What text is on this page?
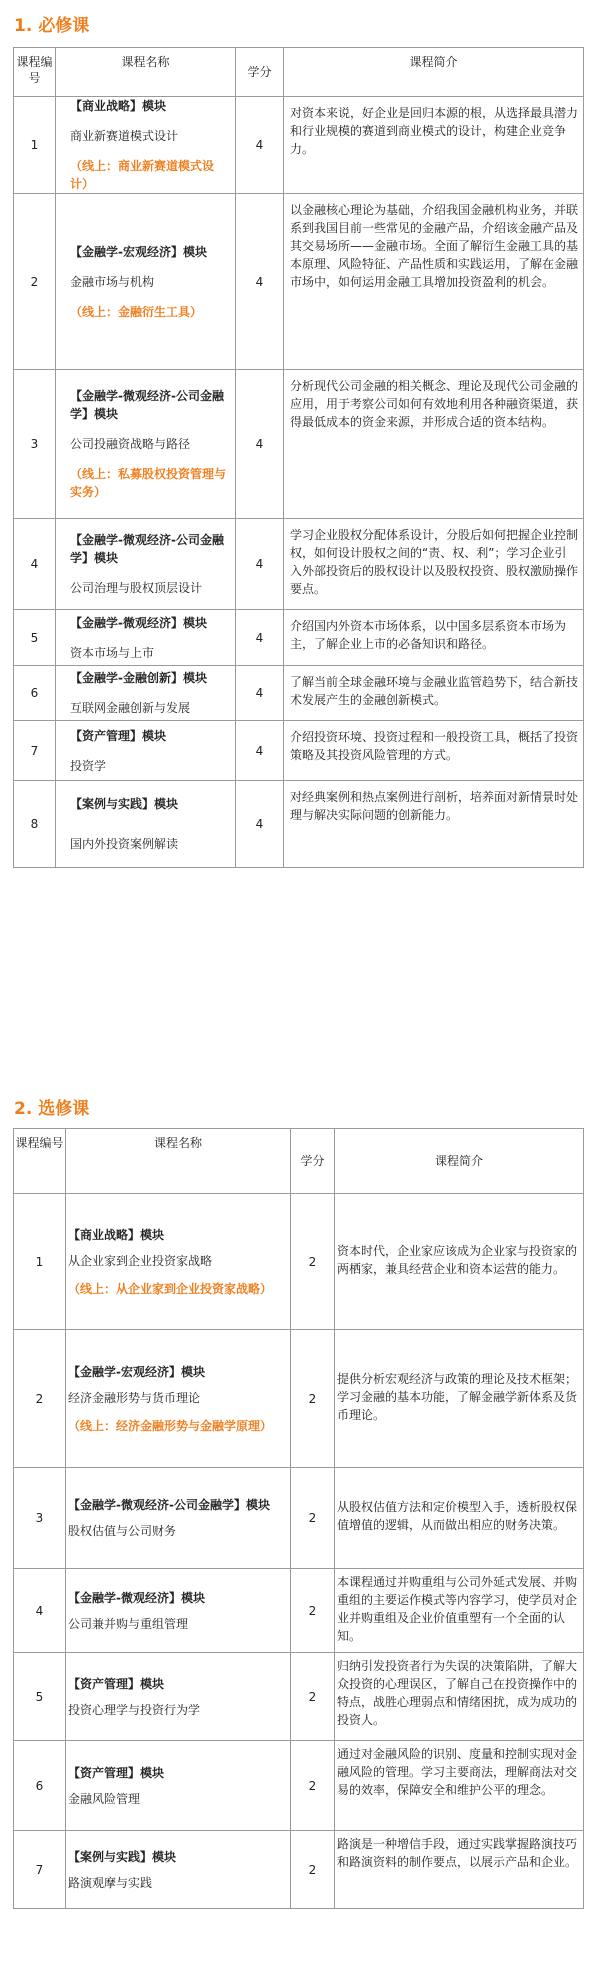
1. 必修课
课程编号	课程名称	学分	课程简介
1	【商业战略】模块

商业新赛道模式设计

（线上：商业新赛道模式设计）	4	对资本来说，好企业是回归本源的根，从选择最具潜力和行业规模的赛道到商业模式的设计，构建企业竞争力。
2	【金融学-宏观经济】模块

金融市场与机构

（线上：金融衍生工具）	4	以金融核心理论为基础，介绍我国金融机构业务，并联系到我国目前一些常见的金融产品，介绍该金融产品及其交易场所——金融市场。全面了解衍生金融工具的基本原理、风险特征、产品性质和实践运用，了解在金融市场中，如何运用金融工具增加投资盈利的机会。
3	【金融学-微观经济-公司金融学】模块

公司投融资战略与路径

（线上：私募股权投资管理与实务）	4	分析现代公司金融的相关概念、理论及现代公司金融的应用，用于考察公司如何有效地利用各种融资渠道，获得最低成本的资金来源，并形成合适的资本结构。
4	【金融学-微观经济-公司金融学】模块

公司治理与股权顶层设计	4	学习企业股权分配体系设计，分股后如何把握企业控制权，如何设计股权之间的“责、权、利”；学习企业引入外部投资后的股权设计以及股权投资、股权激励操作要点。
5	【金融学-微观经济】模块

资本市场与上市	4	介绍国内外资本市场体系，以中国多层系资本市场为主，了解企业上市的必备知识和路径。
6	【金融学-金融创新】模块

互联网金融创新与发展	4	了解当前全球金融环境与金融业监管趋势下，结合新技术发展产生的金融创新模式。
7	【资产管理】模块

投资学	4	介绍投资环境、投资过程和一般投资工具，概括了投资策略及其投资风险管理的方式。
8	【案例与实践】模块

国内外投资案例解读	4	对经典案例和热点案例进行剖析，培养面对新情景时处理与解决实际问题的创新能力。
2. 选修课
课程编号	课程名称	学分	课程简介
1	【商业战略】模块

从企业家到企业投资家战略

（线上：从企业家到企业投资家战略）	2	资本时代，企业家应该成为企业家与投资家的两栖家，兼具经营企业和资本运营的能力。
2	【金融学-宏观经济】模块

经济金融形势与货币理论

（线上：经济金融形势与金融学原理）	2	提供分析宏观经济与政策的理论及技术框架；学习金融的基本功能，了解金融学新体系及货币理论。
3	【金融学-微观经济-公司金融学】模块

股权估值与公司财务	2	从股权估值方法和定价模型入手，透析股权保值增值的逻辑，从而做出相应的财务决策。
4	【金融学-微观经济】模块

公司兼并购与重组管理	2	本课程通过并购重组与公司外延式发展、并购重组的主要运作模式等内容学习，使学员对企业并购重组及企业价值重塑有一个全面的认知。
5	【资产管理】模块

投资心理学与投资行为学	2	归纳引发投资者行为失误的决策陷阱，了解大众投资的心理误区，了解自己在投资操作中的特点，战胜心理弱点和情绪困扰，成为成功的投资人。
6	【资产管理】模块

金融风险管理	2	通过对金融风险的识别、度量和控制实现对金融风险的管理。学习主要商法，理解商法对交易的效率，保障安全和维护公平的理念。
7	【案例与实践】模块

路演观摩与实践	2	路演是一种增信手段，通过实践掌握路演技巧和路演资料的制作要点，以展示产品和企业。
